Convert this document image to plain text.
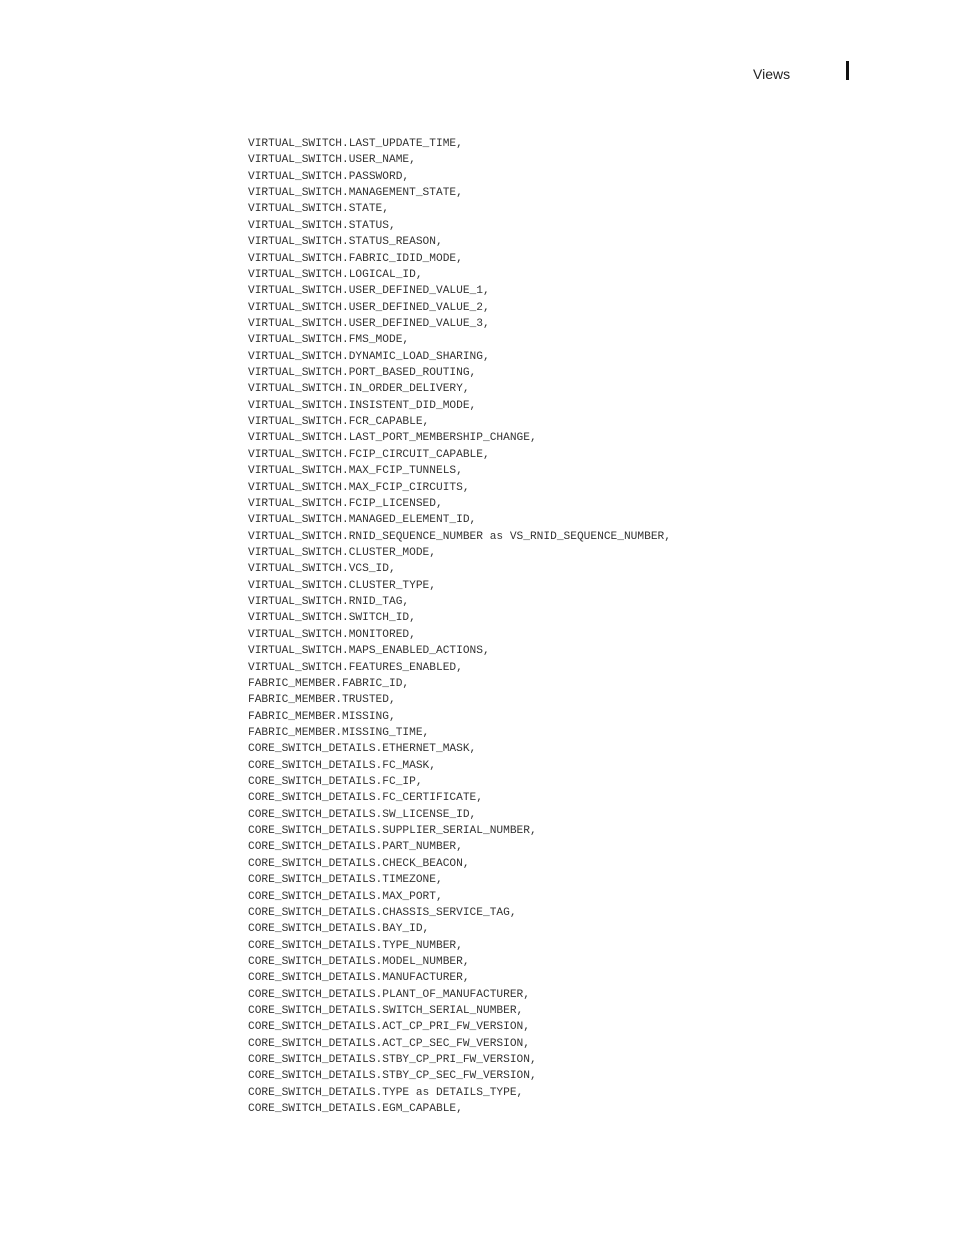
Views
VIRTUAL_SWITCH.LAST_UPDATE_TIME,
VIRTUAL_SWITCH.USER_NAME,
VIRTUAL_SWITCH.PASSWORD,
VIRTUAL_SWITCH.MANAGEMENT_STATE,
VIRTUAL_SWITCH.STATE,
VIRTUAL_SWITCH.STATUS,
VIRTUAL_SWITCH.STATUS_REASON,
VIRTUAL_SWITCH.FABRIC_IDID_MODE,
VIRTUAL_SWITCH.LOGICAL_ID,
VIRTUAL_SWITCH.USER_DEFINED_VALUE_1,
VIRTUAL_SWITCH.USER_DEFINED_VALUE_2,
VIRTUAL_SWITCH.USER_DEFINED_VALUE_3,
VIRTUAL_SWITCH.FMS_MODE,
VIRTUAL_SWITCH.DYNAMIC_LOAD_SHARING,
VIRTUAL_SWITCH.PORT_BASED_ROUTING,
VIRTUAL_SWITCH.IN_ORDER_DELIVERY,
VIRTUAL_SWITCH.INSISTENT_DID_MODE,
VIRTUAL_SWITCH.FCR_CAPABLE,
VIRTUAL_SWITCH.LAST_PORT_MEMBERSHIP_CHANGE,
VIRTUAL_SWITCH.FCIP_CIRCUIT_CAPABLE,
VIRTUAL_SWITCH.MAX_FCIP_TUNNELS,
VIRTUAL_SWITCH.MAX_FCIP_CIRCUITS,
VIRTUAL_SWITCH.FCIP_LICENSED,
VIRTUAL_SWITCH.MANAGED_ELEMENT_ID,
VIRTUAL_SWITCH.RNID_SEQUENCE_NUMBER as VS_RNID_SEQUENCE_NUMBER,
VIRTUAL_SWITCH.CLUSTER_MODE,
VIRTUAL_SWITCH.VCS_ID,
VIRTUAL_SWITCH.CLUSTER_TYPE,
VIRTUAL_SWITCH.RNID_TAG,
VIRTUAL_SWITCH.SWITCH_ID,
VIRTUAL_SWITCH.MONITORED,
VIRTUAL_SWITCH.MAPS_ENABLED_ACTIONS,
VIRTUAL_SWITCH.FEATURES_ENABLED,
FABRIC_MEMBER.FABRIC_ID,
FABRIC_MEMBER.TRUSTED,
FABRIC_MEMBER.MISSING,
FABRIC_MEMBER.MISSING_TIME,
CORE_SWITCH_DETAILS.ETHERNET_MASK,
CORE_SWITCH_DETAILS.FC_MASK,
CORE_SWITCH_DETAILS.FC_IP,
CORE_SWITCH_DETAILS.FC_CERTIFICATE,
CORE_SWITCH_DETAILS.SW_LICENSE_ID,
CORE_SWITCH_DETAILS.SUPPLIER_SERIAL_NUMBER,
CORE_SWITCH_DETAILS.PART_NUMBER,
CORE_SWITCH_DETAILS.CHECK_BEACON,
CORE_SWITCH_DETAILS.TIMEZONE,
CORE_SWITCH_DETAILS.MAX_PORT,
CORE_SWITCH_DETAILS.CHASSIS_SERVICE_TAG,
CORE_SWITCH_DETAILS.BAY_ID,
CORE_SWITCH_DETAILS.TYPE_NUMBER,
CORE_SWITCH_DETAILS.MODEL_NUMBER,
CORE_SWITCH_DETAILS.MANUFACTURER,
CORE_SWITCH_DETAILS.PLANT_OF_MANUFACTURER,
CORE_SWITCH_DETAILS.SWITCH_SERIAL_NUMBER,
CORE_SWITCH_DETAILS.ACT_CP_PRI_FW_VERSION,
CORE_SWITCH_DETAILS.ACT_CP_SEC_FW_VERSION,
CORE_SWITCH_DETAILS.STBY_CP_PRI_FW_VERSION,
CORE_SWITCH_DETAILS.STBY_CP_SEC_FW_VERSION,
CORE_SWITCH_DETAILS.TYPE as DETAILS_TYPE,
CORE_SWITCH_DETAILS.EGM_CAPABLE,
